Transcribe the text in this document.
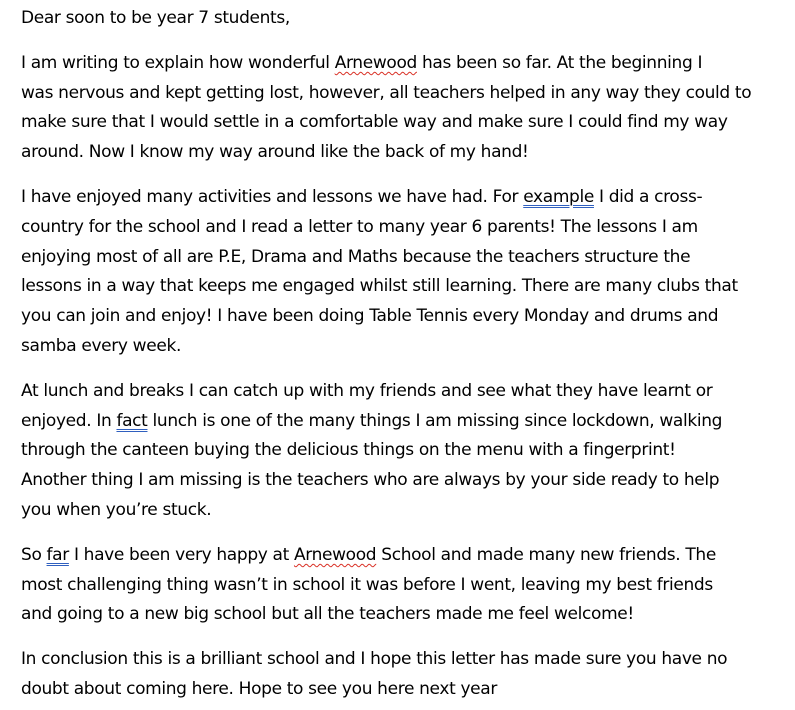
Dear soon to be year 7 students,
I am writing to explain how wonderful Arnewood has been so far. At the beginning I
was nervous and kept getting lost, however, all teachers helped in any way they could to
make sure that I would settle in a comfortable way and make sure I could find my way
around. Now I know my way around like the back of my hand!
I have enjoyed many activities and lessons we have had. For example I did a cross-
country for the school and I read a letter to many year 6 parents! The lessons I am
enjoying most of all are P.E, Drama and Maths because the teachers structure the
lessons in a way that keeps me engaged whilst still learning. There are many clubs that
you can join and enjoy! I have been doing Table Tennis every Monday and drums and
samba every week.
At lunch and breaks I can catch up with my friends and see what they have learnt or
enjoyed. In fact lunch is one of the many things I am missing since lockdown, walking
through the canteen buying the delicious things on the menu with a fingerprint!
Another thing I am missing is the teachers who are always by your side ready to help
you when you’re stuck.
So far I have been very happy at Arnewood School and made many new friends. The
most challenging thing wasn’t in school it was before I went, leaving my best friends
and going to a new big school but all the teachers made me feel welcome!
In conclusion this is a brilliant school and I hope this letter has made sure you have no
doubt about coming here. Hope to see you here next year
